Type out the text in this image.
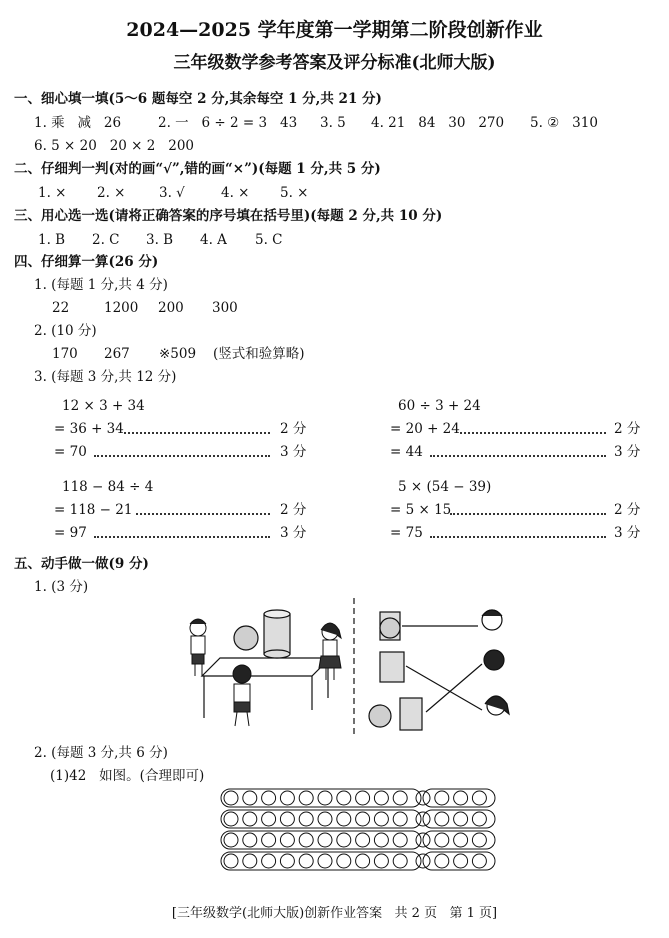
2024—2025 学年度第一学期第二阶段创新作业
三年级数学参考答案及评分标准(北师大版)
一、细心填一填(5～6 题每空 2 分,其余每空 1 分,共 21 分)
1. 乘   减   26	2. 一   6 ÷ 2 = 3   43 3. 5 4. 21   84   30   270 5. ②   310
6. 5 × 20   20 × 2   200
二、仔细判一判(对的画“√”,错的画“×”)(每题 1 分,共 5 分)
1. × 2. × 3. √	4. × 5. ×
三、用心选一选(请将正确答案的序号填在括号里)(每题 2 分,共 10 分)
1. B 2. C 3. B 4. A 5. C
四、仔细算一算(26 分)
1. (每题 1 分,共 4 分)
22	1200 200 300
2. (10 分)
170 267 ※509 (竖式和验算略)
3. (每题 3 分,共 12 分)
12 × 3 + 34
= 36 + 34	2 分
= 70	3 分
60 ÷ 3 + 24
= 20 + 24	2 分
= 44	3 分
118 − 84 ÷ 4
= 118 − 21	2 分
= 97	3 分
5 × (54 − 39)
= 5 × 15	2 分
= 75	3 分
五、动手做一做(9 分)
1. (3 分)
2. (每题 3 分,共 6 分)
(1)42   如图。(合理即可)
[三年级数学(北师大版)创新作业答案   共 2 页   第 1 页]
